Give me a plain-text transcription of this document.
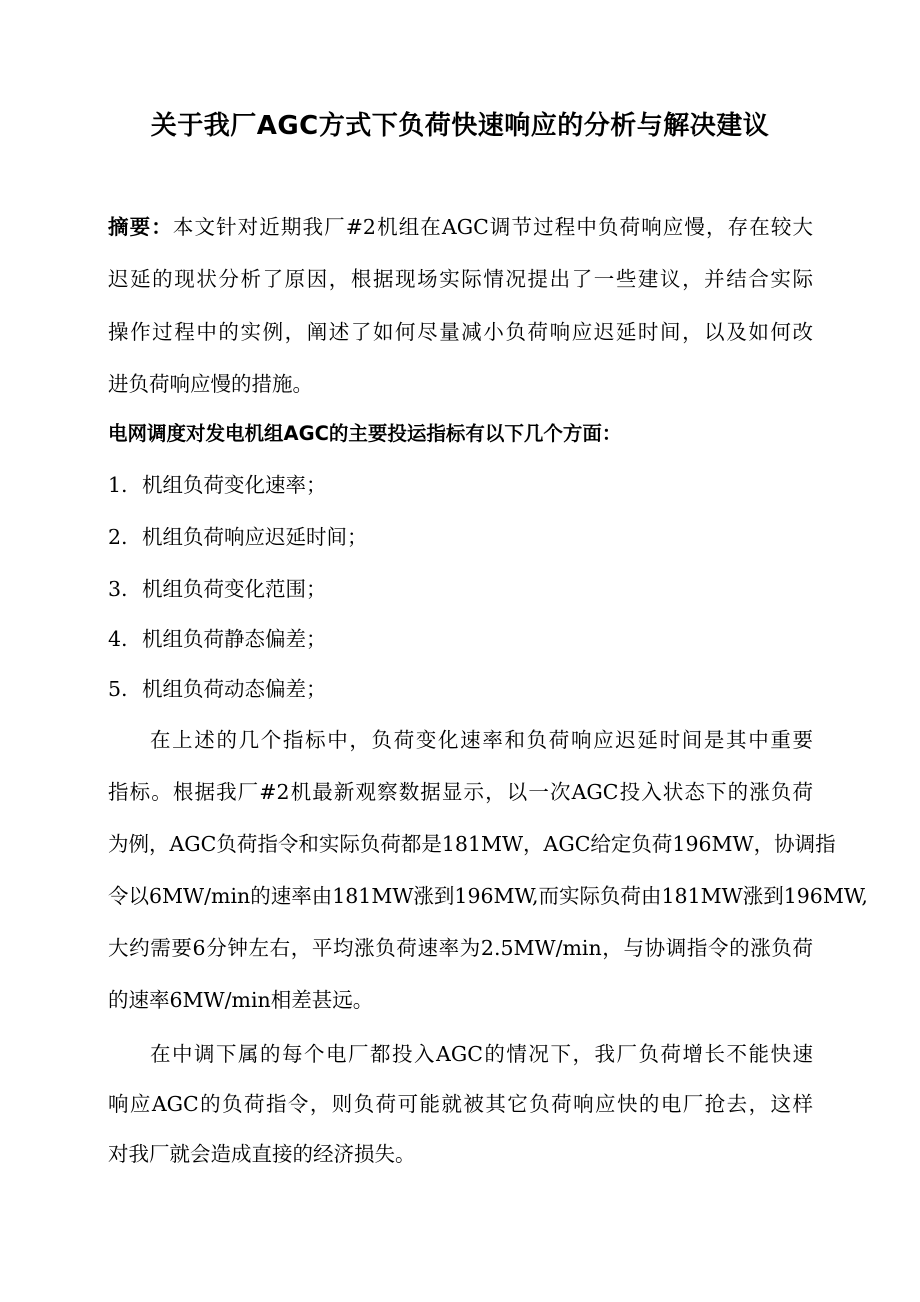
关于我厂AGC方式下负荷快速响应的分析与解决建议
摘要：本文针对近期我厂#2机组在AGC调节过程中负荷响应慢，存在较大
迟延的现状分析了原因，根据现场实际情况提出了一些建议，并结合实际
操作过程中的实例，阐述了如何尽量减小负荷响应迟延时间，以及如何改
进负荷响应慢的措施。
电网调度对发电机组AGC的主要投运指标有以下几个方面：
1. 机组负荷变化速率；
2. 机组负荷响应迟延时间；
3. 机组负荷变化范围；
4. 机组负荷静态偏差；
5. 机组负荷动态偏差；
在上述的几个指标中，负荷变化速率和负荷响应迟延时间是其中重要
指标。根据我厂#2机最新观察数据显示，以一次AGC投入状态下的涨负荷
为例，AGC负荷指令和实际负荷都是181MW，AGC给定负荷196MW，协调指
令以6MW/min的速率由181MW涨到196MW,而实际负荷由181MW涨到196MW,
大约需要6分钟左右，平均涨负荷速率为2.5MW/min，与协调指令的涨负荷
的速率6MW/min相差甚远。
在中调下属的每个电厂都投入AGC的情况下，我厂负荷增长不能快速
响应AGC的负荷指令，则负荷可能就被其它负荷响应快的电厂抢去，这样
对我厂就会造成直接的经济损失。
